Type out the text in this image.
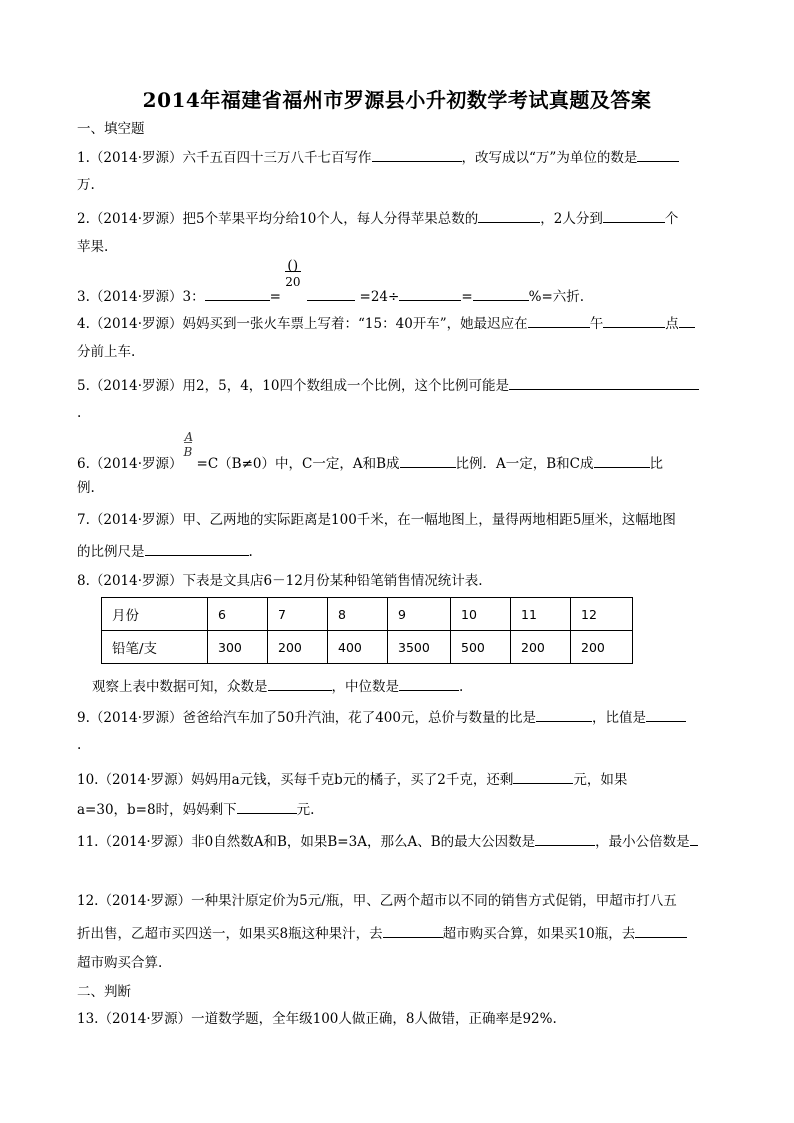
2014年福建省福州市罗源县小升初数学考试真题及答案
一、填空题
1.（2014·罗源）六千五百四十三万八千七百写作	，改写成以“万”为单位的数是
万.
2.（2014·罗源）把5个苹果平均分给10个人，每人分得苹果总数的	，2人分到	个
苹果.
3.（2014·罗源）3：	= $\frac{()}{20}$	=24÷	=	%=六折.
4.（2014·罗源）妈妈买到一张火车票上写着：“15：40开车”，她最迟应在	午	点
分前上车.
5.（2014·罗源）用2，5，4，10四个数组成一个比例，这个比例可能是
.
6.（2014·罗源） $\frac{A}{B} =C(B\ne 0)$中，C一定，A和B成	比例．A一定，B和C成	比
例.
7.（2014·罗源）甲、乙两地的实际距离是100千米，在一幅地图上，量得两地相距5厘米，这幅地图
的比例尺是	.
8.（2014·罗源）下表是文具店6－12月份某种铅笔销售情况统计表.
月份	6	7	8	9	10	11	12
铅笔/支	300	200	400	3500	500	200	200
观察上表中数据可知，众数是	，中位数是	.
9.（2014·罗源）爸爸给汽车加了50升汽油，花了400元，总价与数量的比是	，比值是
.
10.（2014·罗源）妈妈用a元钱，买每千克b元的橘子，买了2千克，还剩	元，如果
a=30，b=8时，妈妈剩下	元.
11.（2014·罗源）非0自然数A和B，如果B=3A，那么A、B的最大公因数是	，最小公倍数是
12.（2014·罗源）一种果汁原定价为5元/瓶，甲、乙两个超市以不同的销售方式促销，甲超市打八五
折出售，乙超市买四送一，如果买8瓶这种果汁，去	超市购买合算，如果买10瓶，去
超市购买合算.
二、判断
13.（2014·罗源）一道数学题，全年级100人做正确，8人做错，正确率是92%.
